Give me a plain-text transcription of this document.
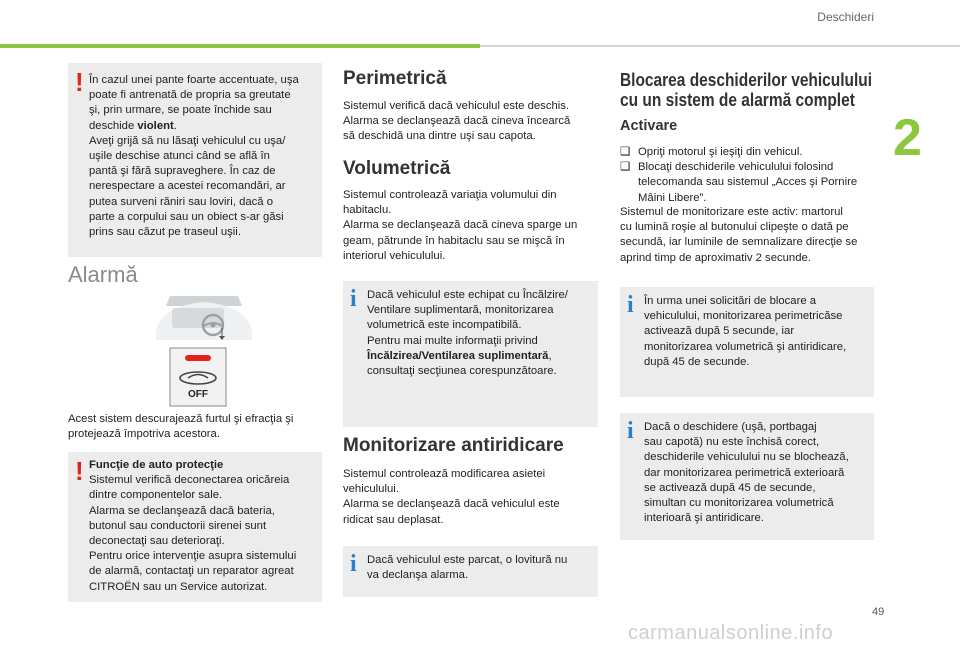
Deschideri
2
! În cazul unei pante foarte accentuate, uşa
poate fi antrenată de propria sa greutate
şi, prin urmare, se poate închide sau
deschide violent.
Aveţi grijă să nu lăsaţi vehiculul cu uşa/
uşile deschise atunci când se află în
pantă şi fără supraveghere. În caz de
nerespectare a acestei recomandări, ar
putea surveni răniri sau loviri, dacă o
parte a corpului sau un obiect s-ar găsi
prins sau căzut pe traseul uşii.
Alarmă
OFF
Acest sistem descurajează furtul şi efracţia şi
protejează împotriva acestora.
! Funcţie de auto protecţie
Sistemul verifică deconectarea oricăreia
dintre componentelor sale.
Alarma se declanşează dacă bateria,
butonul sau conductorii sirenei sunt
deconectaţi sau deterioraţi.
Pentru orice intervenţie asupra sistemului
de alarmă, contactaţi un reparator agreat
CITROËN sau un Service autorizat.
Perimetrică
Sistemul verifică dacă vehiculul este deschis.
Alarma se declanşează dacă cineva încearcă
să deschidă una dintre uşi sau capota.
Volumetrică
Sistemul controlează variaţia volumului din
habitaclu.
Alarma se declanşează dacă cineva sparge un
geam, pătrunde în habitaclu sau se mişcă în
interiorul vehiculului.
i Dacă vehiculul este echipat cu Încălzire/
Ventilare suplimentară, monitorizarea
volumetrică este incompatibilă.
Pentru mai multe informaţii privind
Încălzirea/Ventilarea suplimentară,
consultaţi secţiunea corespunzătoare.
Monitorizare antiridicare
Sistemul controlează modificarea asietei
vehiculului.
Alarma se declanşează dacă vehiculul este
ridicat sau deplasat.
i Dacă vehiculul este parcat, o lovitură nu
va declanşa alarma.
Blocarea deschiderilor vehiculului cu un sistem de alarmă complet
Activare
❑ Opriţi motorul şi ieşiţi din vehicul.
❑ Blocaţi deschiderile vehiculului folosind
telecomanda sau sistemul „Acces şi Pornire
Mâini Libere”.
Sistemul de monitorizare este activ: martorul
cu lumină roşie al butonului clipeşte o dată pe
secundă, iar luminile de semnalizare direcţie se
aprind timp de aproximativ 2 secunde.
i În urma unei solicitări de blocare a
vehiculului, monitorizarea perimetricăse
activează după 5 secunde, iar
monitorizarea volumetrică şi antiridicare,
după 45 de secunde.
i Dacă o deschidere (uşă, portbagaj
sau capotă) nu este închisă corect,
deschiderile vehiculului nu se blochează,
dar monitorizarea perimetrică exterioară
se activează după 45 de secunde,
simultan cu monitorizarea volumetrică
interioară şi antiridicare.
49
carmanualsonline.info
